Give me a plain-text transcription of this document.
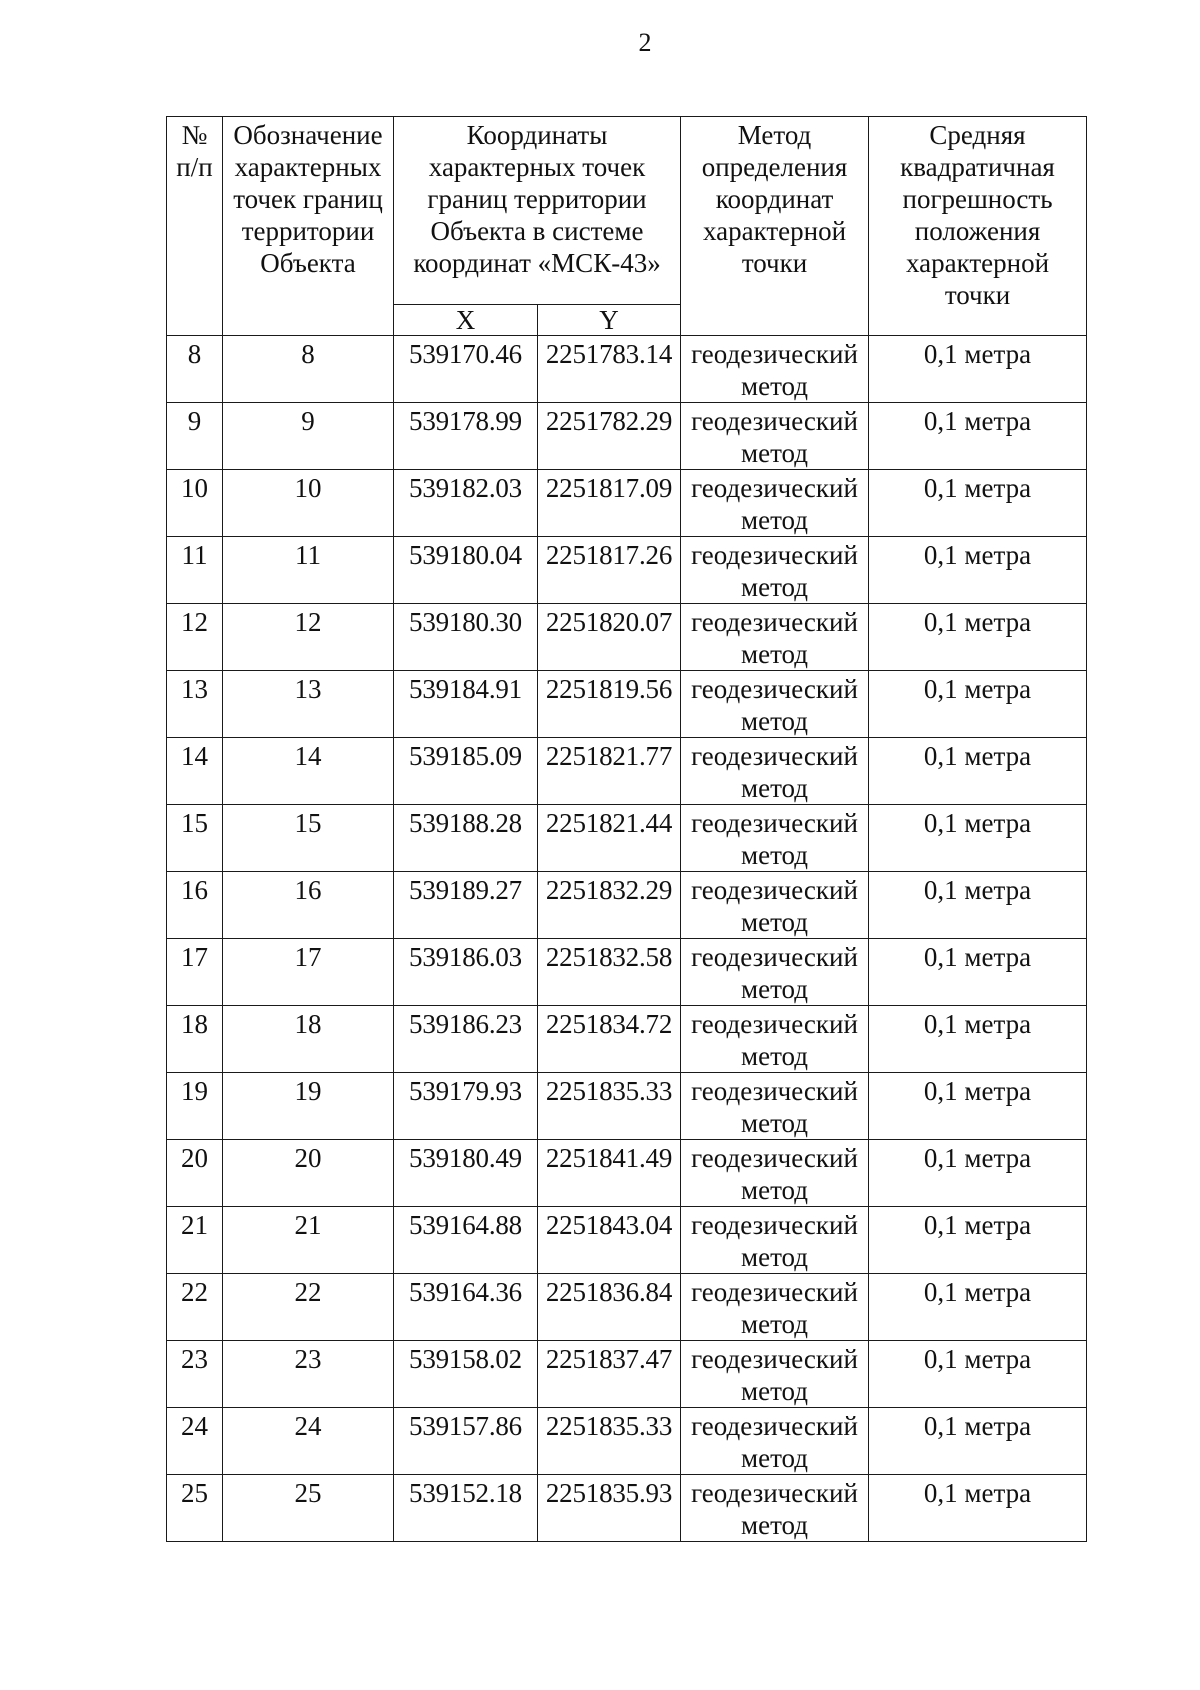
2
№ п/п	Обозначение характерных точек границ территории Объекта	Координаты характерных точек границ территории Объекта в системе координат «МСК-43»		Метод определения координат характерной точки	Средняя квадратичная погрешность положения характерной точки
		X	Y		
8	8	539170.46	2251783.14	геодезический метод	0,1 метра
9	9	539178.99	2251782.29	геодезический метод	0,1 метра
10	10	539182.03	2251817.09	геодезический метод	0,1 метра
11	11	539180.04	2251817.26	геодезический метод	0,1 метра
12	12	539180.30	2251820.07	геодезический метод	0,1 метра
13	13	539184.91	2251819.56	геодезический метод	0,1 метра
14	14	539185.09	2251821.77	геодезический метод	0,1 метра
15	15	539188.28	2251821.44	геодезический метод	0,1 метра
16	16	539189.27	2251832.29	геодезический метод	0,1 метра
17	17	539186.03	2251832.58	геодезический метод	0,1 метра
18	18	539186.23	2251834.72	геодезический метод	0,1 метра
19	19	539179.93	2251835.33	геодезический метод	0,1 метра
20	20	539180.49	2251841.49	геодезический метод	0,1 метра
21	21	539164.88	2251843.04	геодезический метод	0,1 метра
22	22	539164.36	2251836.84	геодезический метод	0,1 метра
23	23	539158.02	2251837.47	геодезический метод	0,1 метра
24	24	539157.86	2251835.33	геодезический метод	0,1 метра
25	25	539152.18	2251835.93	геодезический метод	0,1 метра
